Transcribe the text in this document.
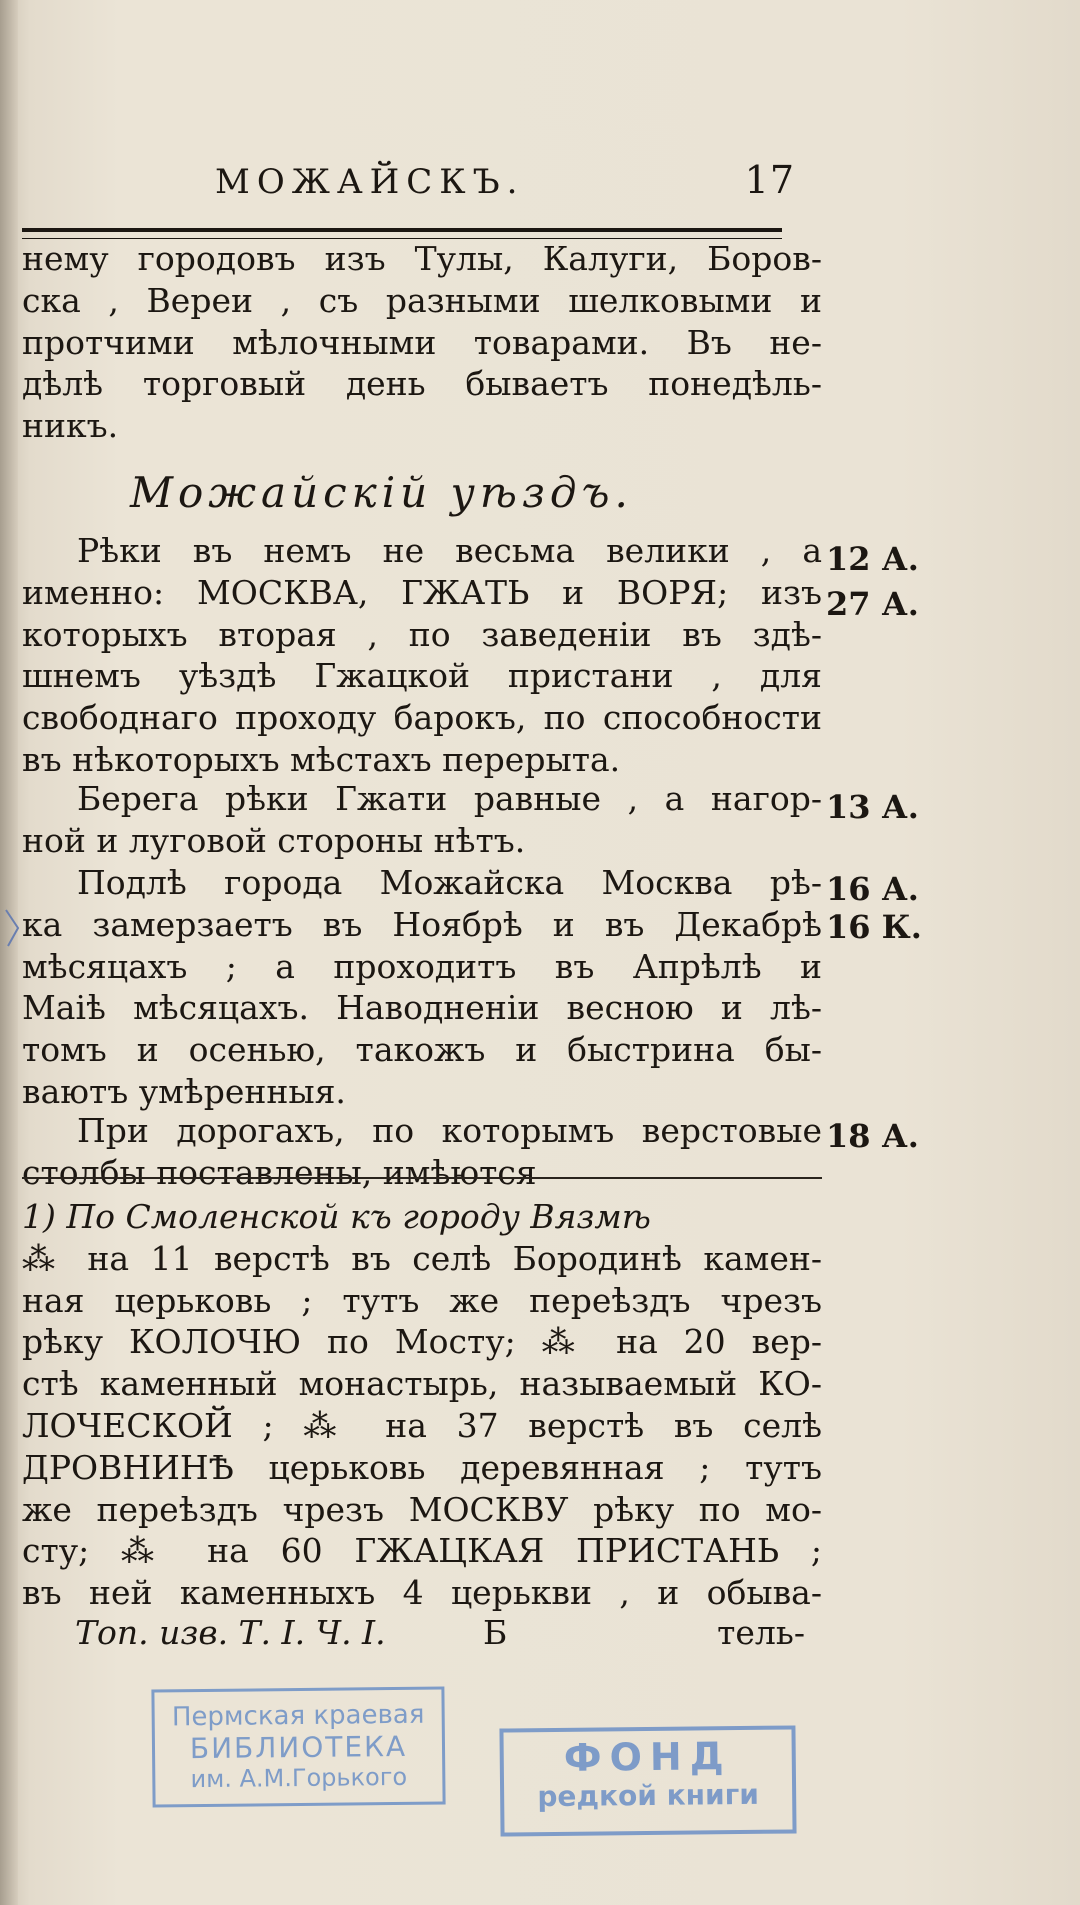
МОЖАЙСКЪ.	17
нему городовъ изъ Тулы, Калуги, Боров-
ска , Вереи , съ разными шелковыми и
протчими мѣлочными товарами. Въ не-
дѣлѣ торговый день бываетъ понедѣль-
никъ.
Можайскiй уѣздъ.
Рѣки въ немъ не весьма велики , а
именно: МОСКВА, ГЖАТЬ и ВОРЯ; изъ
которыхъ вторая , по заведенiи въ здѣ-
шнемъ уѣздѣ Гжацкой пристани , для
свободнаго проходу барокъ, по способности
въ нѣкоторыхъ мѣстахъ перерыта.
Берега рѣки Гжати равные , а нагор-
ной и луговой стороны нѣтъ.
Подлѣ города Можайска Москва рѣ-
ка замерзаетъ въ Ноябрѣ и въ Декабрѣ
мѣсяцахъ ; а проходитъ въ Апрѣлѣ и
Маiѣ мѣсяцахъ. Наводненiи весною и лѣ-
томъ и осенью, такожъ и быстрина бы-
ваютъ умѣренныя.
При дорогахъ, по которымъ верстовые
столбы поставлены, имѣются
1) По Смоленской къ городу Вязмѣ
⁂ на 11 верстѣ въ селѣ Бородинѣ камен-
ная церьковь ; тутъ же переѣздъ чрезъ
рѣку КОЛОЧЮ по Мосту; ⁂ на 20 вер-
стѣ каменный монастырь, называемый КО-
ЛОЧЕСКОЙ ; ⁂ на 37 верстѣ въ селѣ
ДРОВНИНѢ церьковь деревянная ; тутъ
же переѣздъ чрезъ МОСКВУ рѣку по мо-
сту; ⁂ на 60 ГЖАЦКАЯ ПРИСТАНЬ ;
въ ней каменныхъ 4 церькви , и обыва-
12 А.
27 А.
13 А.
16 А.
16 К.
18 А.
Топ. изв. Т. I. Ч. I.	Б	тель-
Пермская краевая
БИБЛИОТЕКА
им. А.М.Горького	ФОНД
редкой книги
